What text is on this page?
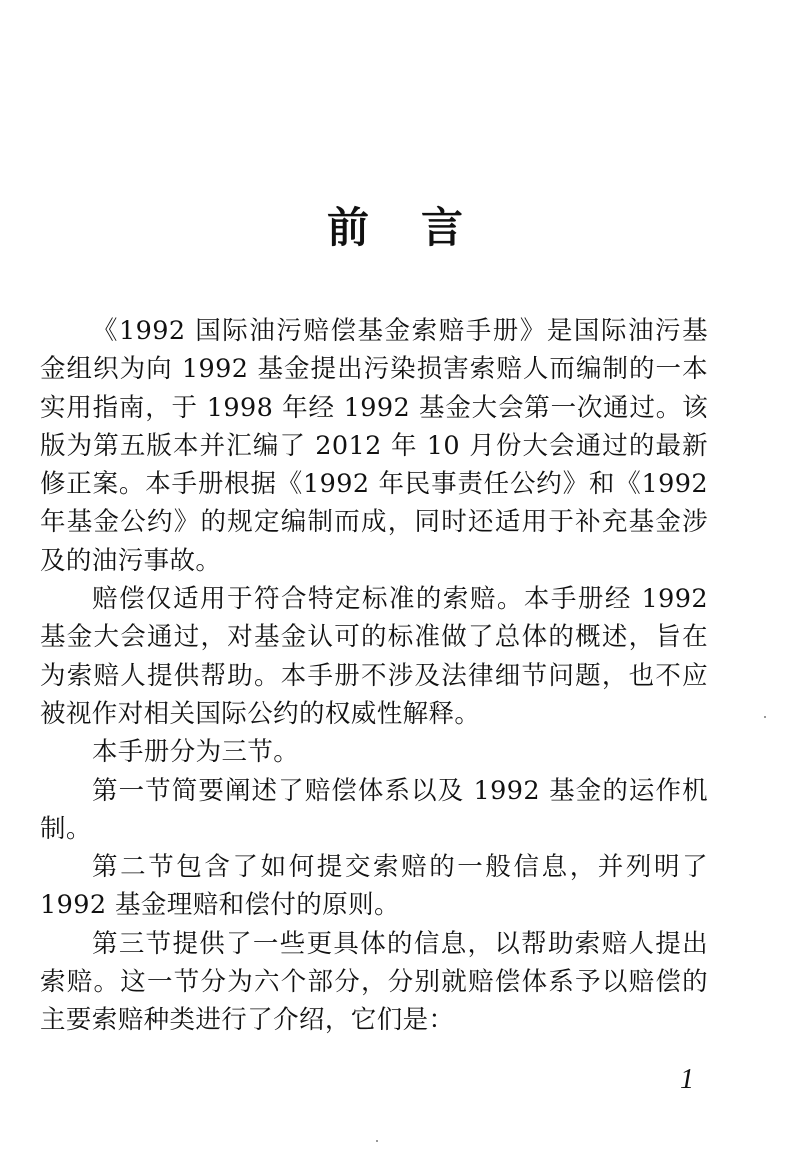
前言

《1992 国际油污赔偿基金索赔手册》是国际油污基金组织为向 1992 基金提出污染损害索赔人而编制的一本实用指南，于 1998 年经 1992 基金大会第一次通过。该版为第五版本并汇编了 2012 年 10 月份大会通过的最新修正案。本手册根据《1992 年民事责任公约》和《1992 年基金公约》的规定编制而成，同时还适用于补充基金涉及的油污事故。

赔偿仅适用于符合特定标准的索赔。本手册经 1992 基金大会通过，对基金认可的标准做了总体的概述，旨在为索赔人提供帮助。本手册不涉及法律细节问题，也不应被视作对相关国际公约的权威性解释。

本手册分为三节。

第一节简要阐述了赔偿体系以及 1992 基金的运作机制。

第二节包含了如何提交索赔的一般信息，并列明了 1992 基金理赔和偿付的原则。

第三节提供了一些更具体的信息，以帮助索赔人提出索赔。这一节分为六个部分，分别就赔偿体系予以赔偿的主要索赔种类进行了介绍，它们是：

1
